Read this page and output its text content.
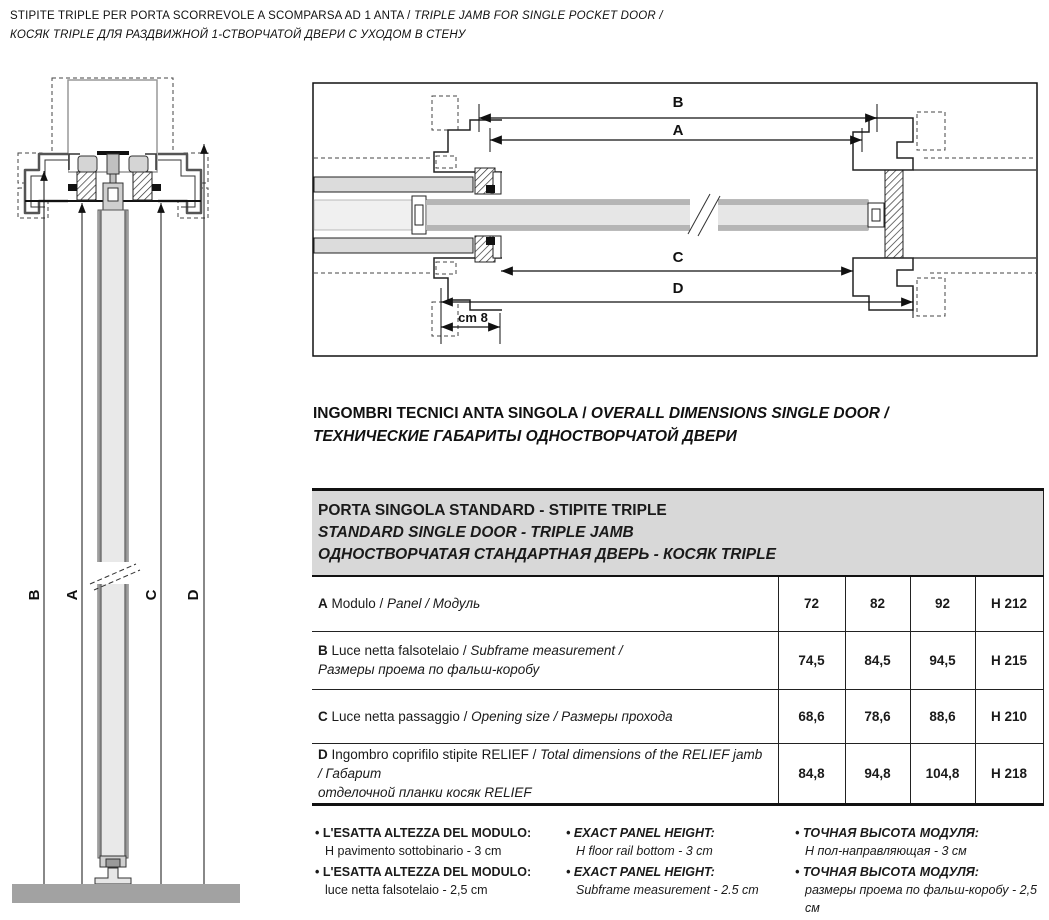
STIPITE TRIPLE PER PORTA SCORREVOLE A SCOMPARSA AD 1 ANTA / TRIPLE JAMB FOR SINGLE POCKET DOOR /
КОСЯК TRIPLE ДЛЯ РАЗДВИЖНОЙ 1-СТВОРЧАТОЙ ДВЕРИ С УХОДОМ В СТЕНУ
B A	C D
B
A
C
D
cm 8
INGOMBRI TECNICI ANTA SINGOLA / OVERALL DIMENSIONS SINGLE DOOR /
ТЕХНИЧЕСКИЕ ГАБАРИТЫ ОДНОСТВОРЧАТОЙ ДВЕРИ
PORTA SINGOLA STANDARD - STIPITE TRIPLE
STANDARD SINGLE DOOR - TRIPLE JAMB
ОДНОСТВОРЧАТАЯ СТАНДАРТНАЯ ДВЕРЬ - КОСЯК TRIPLE				

A Modulo / Panel / Модуль	72	82	92	H 212
B Luce netta falsotelaio / Subframe measurement /
Размеры проема по фальш-коробу	74,5	84,5	94,5	H 215
C Luce netta passaggio / Opening size / Размеры прохода	68,6	78,6	88,6	H 210
D Ingombro coprifilo stipite RELIEF / Total dimensions of the RELIEF jamb / Габарит
отделочной планки косяк RELIEF	84,8	94,8	104,8	H 218
• L'ESATTA ALTEZZA DEL MODULO:
H pavimento sottobinario - 3 cm
• L'ESATTA ALTEZZA DEL MODULO:
luce netta falsotelaio - 2,5 cm
• EXACT PANEL HEIGHT:
H floor rail bottom - 3 cm
• EXACT PANEL HEIGHT:
Subframe measurement - 2.5 cm
• ТОЧНАЯ ВЫСОТА МОДУЛЯ:
Н пол-направляющая - 3 см
• ТОЧНАЯ ВЫСОТА МОДУЛЯ:
размеры проема по фальш-коробу - 2,5 см
